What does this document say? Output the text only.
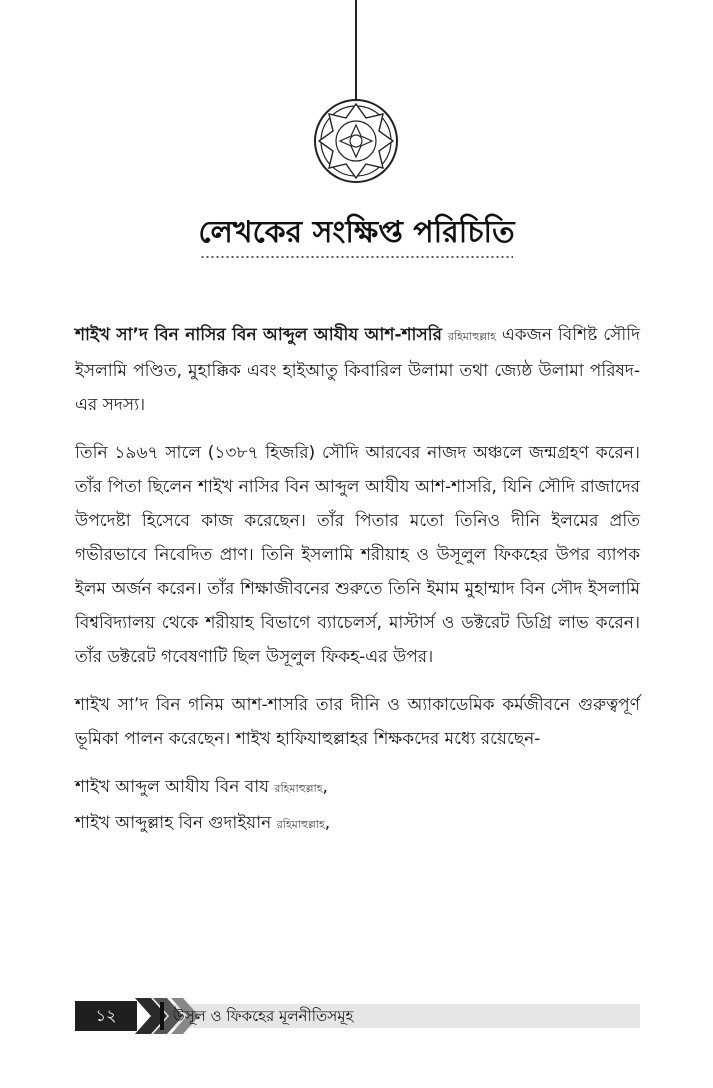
লেখকের সংক্ষিপ্ত পরিচিতি

শাইখ সা’দ বিন নাসির বিন আব্দুল আযীয আশ-শাসরি রহিমাহুল্লাহ একজন বিশিষ্ট সৌদি ইসলামি পণ্ডিত, মুহাক্কিক এবং হাইআতু কিবারিল উলামা তথা জ্যেষ্ঠ উলামা পরিষদ-এর সদস্য।

তিনি ১৯৬৭ সালে (১৩৮৭ হিজরি) সৌদি আরবের নাজদ অঞ্চলে জন্মগ্রহণ করেন। তাঁর পিতা ছিলেন শাইখ নাসির বিন আব্দুল আযীয আশ-শাসরি, যিনি সৌদি রাজাদের উপদেষ্টা হিসেবে কাজ করেছেন। তাঁর পিতার মতো তিনিও দীনি ইলমের প্রতি গভীরভাবে নিবেদিত প্রাণ। তিনি ইসলামি শরীয়াহ ও উসূলুল ফিকহের উপর ব্যাপক ইলম অর্জন করেন। তাঁর শিক্ষাজীবনের শুরুতে তিনি ইমাম মুহাম্মাদ বিন সৌদ ইসলামি বিশ্ববিদ্যালয় থেকে শরীয়াহ বিভাগে ব্যাচেলর্স, মাস্টার্স ও ডক্টরেট ডিগ্রি লাভ করেন। তাঁর ডক্টরেট গবেষণাটি ছিল উসূলুল ফিকহ-এর উপর।

শাইখ সা’দ বিন গনিম আশ-শাসরি তার দীনি ও অ্যাকাডেমিক কর্মজীবনে গুরুত্বপূর্ণ ভূমিকা পালন করেছেন। শাইখ হাফিযাহুল্লাহর শিক্ষকদের মধ্যে রয়েছেন-

শাইখ আব্দুল আযীয বিন বায রহিমাহুল্লাহ,
শাইখ আব্দুল্লাহ বিন গুদাইয়ান রহিমাহুল্লাহ,
১২	উসূল ও ফিকহের মূলনীতিসমূহ
